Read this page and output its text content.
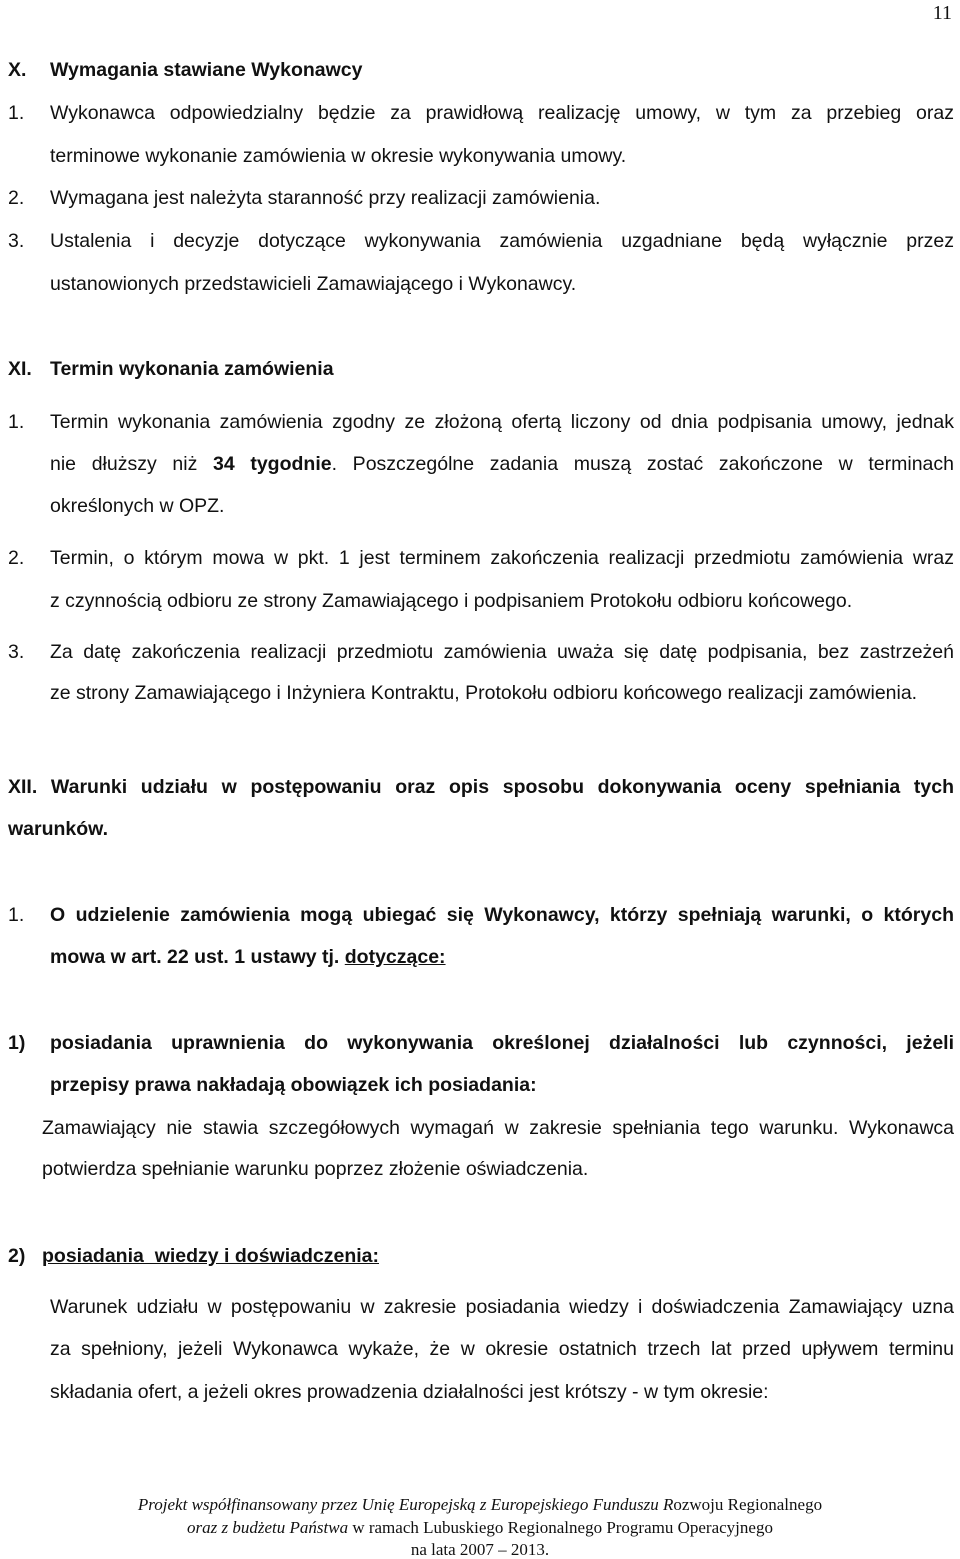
11
X. Wymagania stawiane Wykonawcy
1. Wykonawca odpowiedzialny będzie za prawidłową realizację umowy, w tym za przebieg oraz
terminowe wykonanie zamówienia w okresie wykonywania umowy.
2. Wymagana jest należyta staranność przy realizacji zamówienia.
3. Ustalenia i decyzje dotyczące wykonywania zamówienia uzgadniane będą wyłącznie przez
ustanowionych przedstawicieli Zamawiającego i Wykonawcy.
XI. Termin wykonania zamówienia
1. Termin wykonania zamówienia zgodny ze złożoną ofertą liczony od dnia podpisania umowy, jednak
nie dłuższy niż 34 tygodnie. Poszczególne zadania muszą zostać zakończone w terminach
określonych w OPZ.
2. Termin, o którym mowa w pkt. 1 jest terminem zakończenia realizacji przedmiotu zamówienia wraz
z czynnością odbioru ze strony Zamawiającego i podpisaniem Protokołu odbioru końcowego.
3. Za datę zakończenia realizacji przedmiotu zamówienia uważa się datę podpisania, bez zastrzeżeń
ze strony Zamawiającego i Inżyniera Kontraktu, Protokołu odbioru końcowego realizacji zamówienia.
XII. Warunki udziału w postępowaniu oraz opis sposobu dokonywania oceny spełniania tych
warunków.
1. O udzielenie zamówienia mogą ubiegać się Wykonawcy, którzy spełniają warunki, o których
mowa w art. 22 ust. 1 ustawy tj. dotyczące:
1) posiadania uprawnienia do wykonywania określonej działalności lub czynności, jeżeli
przepisy prawa nakładają obowiązek ich posiadania:
Zamawiający nie stawia szczegółowych wymagań w zakresie spełniania tego warunku. Wykonawca
potwierdza spełnianie warunku poprzez złożenie oświadczenia.
2) posiadania  wiedzy i doświadczenia:
Warunek udziału w postępowaniu w zakresie posiadania wiedzy i doświadczenia Zamawiający uzna
za spełniony, jeżeli Wykonawca wykaże, że w okresie ostatnich trzech lat przed upływem terminu
składania ofert, a jeżeli okres prowadzenia działalności jest krótszy - w tym okresie:
Projekt współfinansowany przez Unię Europejską z Europejskiego Funduszu Rozwoju Regionalnego
oraz z budżetu Państwa w ramach Lubuskiego Regionalnego Programu Operacyjnego
na lata 2007 – 2013.
